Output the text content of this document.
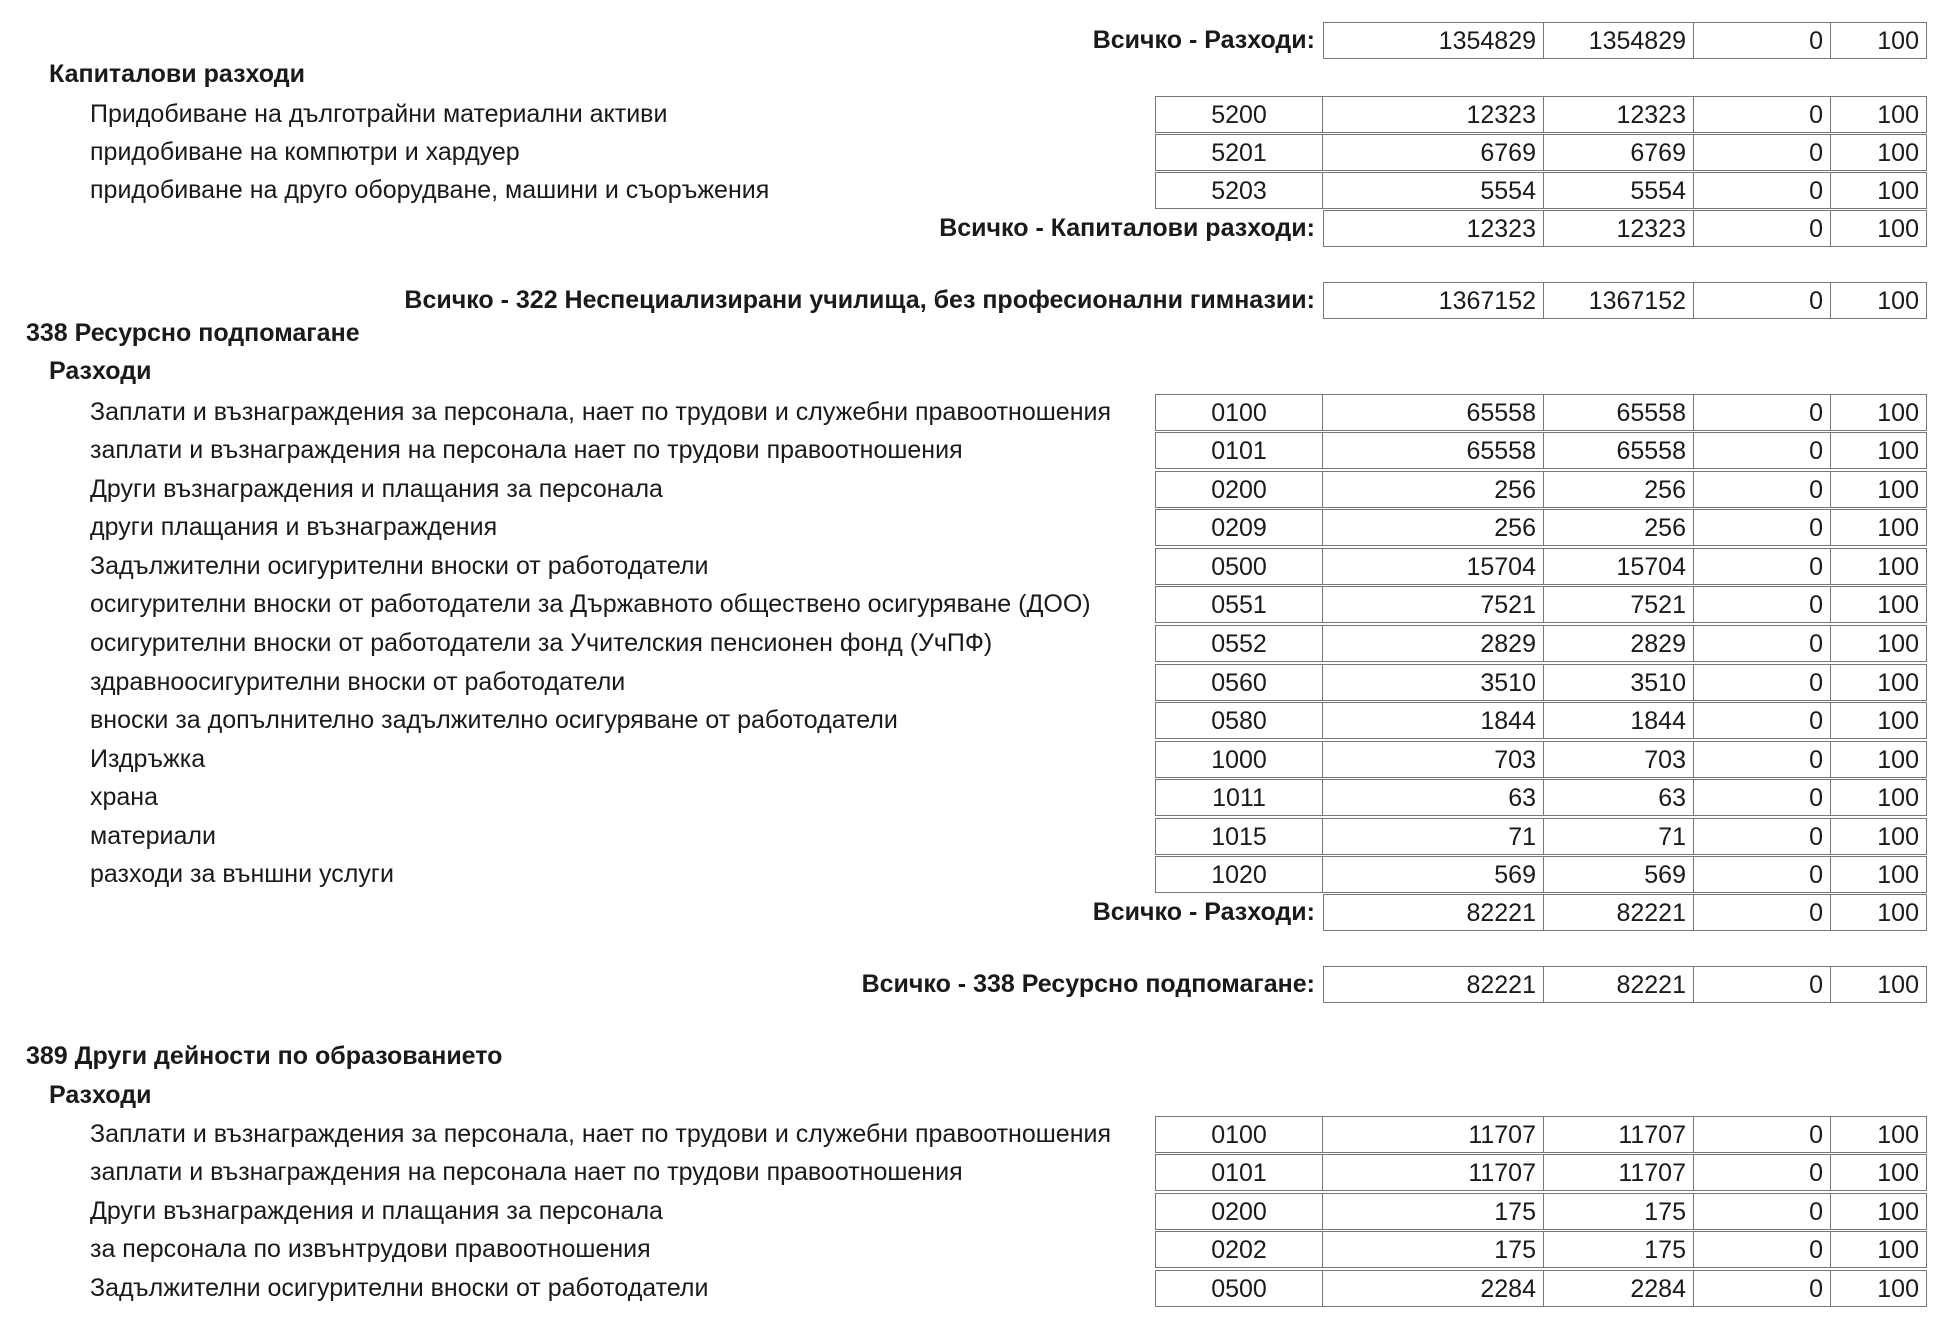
Всичко - Разходи:	1354829	1354829	0	100
Капиталови разходи
Придобиване на дълготрайни материални активи	5200	12323	12323	0	100
придобиване на компютри и хардуер	5201	6769	6769	0	100
придобиване на друго оборудване, машини и съоръжения	5203	5554	5554	0	100
Всичко - Капиталови разходи:	12323	12323	0	100
Всичко - 322 Неспециализирани училища, без професионални гимназии:	1367152	1367152	0	100
338 Ресурсно подпомагане
Разходи
Заплати и възнаграждения за персонала, нает по трудови и служебни правоотношения	0100	65558	65558	0	100
заплати и възнаграждения на персонала нает по трудови правоотношения	0101	65558	65558	0	100
Други възнаграждения и плащания за персонала	0200	256	256	0	100
други плащания и възнаграждения	0209	256	256	0	100
Задължителни осигурителни вноски от работодатели	0500	15704	15704	0	100
осигурителни вноски от работодатели за Държавното обществено осигуряване (ДОО)	0551	7521	7521	0	100
осигурителни вноски от работодатели за Учителския пенсионен фонд (УчПФ)	0552	2829	2829	0	100
здравноосигурителни вноски от работодатели	0560	3510	3510	0	100
вноски за допълнително задължително осигуряване от работодатели	0580	1844	1844	0	100
Издръжка	1000	703	703	0	100
храна	1011	63	63	0	100
материали	1015	71	71	0	100
разходи за външни услуги	1020	569	569	0	100
Всичко - Разходи:	82221	82221	0	100
Всичко - 338 Ресурсно подпомагане:	82221	82221	0	100
389 Други дейности по образованието
Разходи
Заплати и възнаграждения за персонала, нает по трудови и служебни правоотношения	0100	11707	11707	0	100
заплати и възнаграждения на персонала нает по трудови правоотношения	0101	11707	11707	0	100
Други възнаграждения и плащания за персонала	0200	175	175	0	100
за персонала по извънтрудови правоотношения	0202	175	175	0	100
Задължителни осигурителни вноски от работодатели	0500	2284	2284	0	100
